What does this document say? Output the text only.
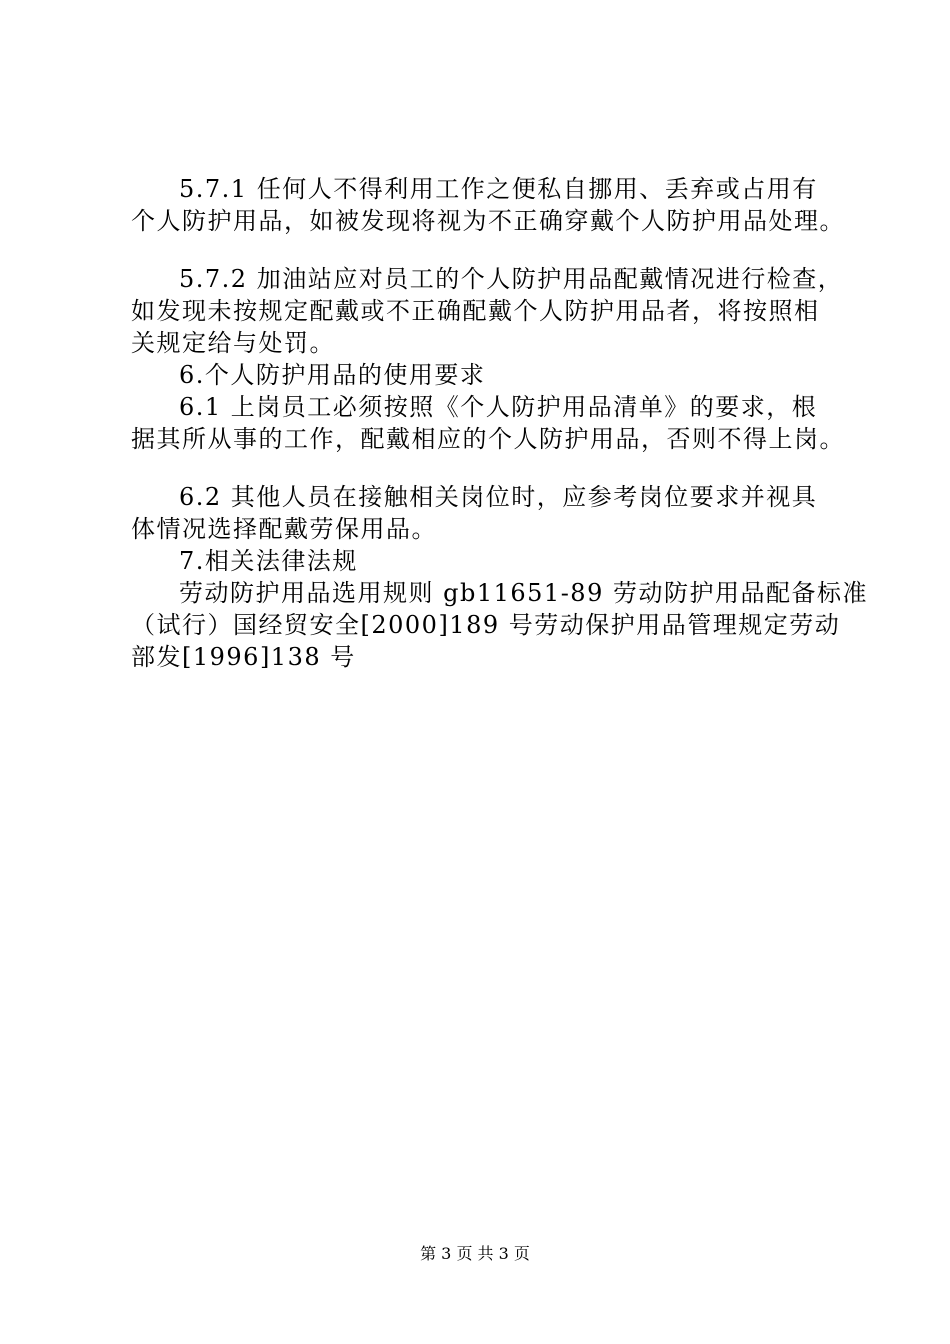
5.7.1 任何人不得利用工作之便私自挪用、丢弃或占用有
个人防护用品，如被发现将视为不正确穿戴个人防护用品处理。
5.7.2 加油站应对员工的个人防护用品配戴情况进行检查，
如发现未按规定配戴或不正确配戴个人防护用品者，将按照相
关规定给与处罚。
6.个人防护用品的使用要求
6.1 上岗员工必须按照《个人防护用品清单》的要求，根
据其所从事的工作，配戴相应的个人防护用品，否则不得上岗。
6.2 其他人员在接触相关岗位时，应参考岗位要求并视具
体情况选择配戴劳保用品。
7.相关法律法规
劳动防护用品选用规则 gb11651-89 劳动防护用品配备标准
（试行）国经贸安全[2000]189 号劳动保护用品管理规定劳动
部发[1996]138 号
第 3 页 共 3 页
